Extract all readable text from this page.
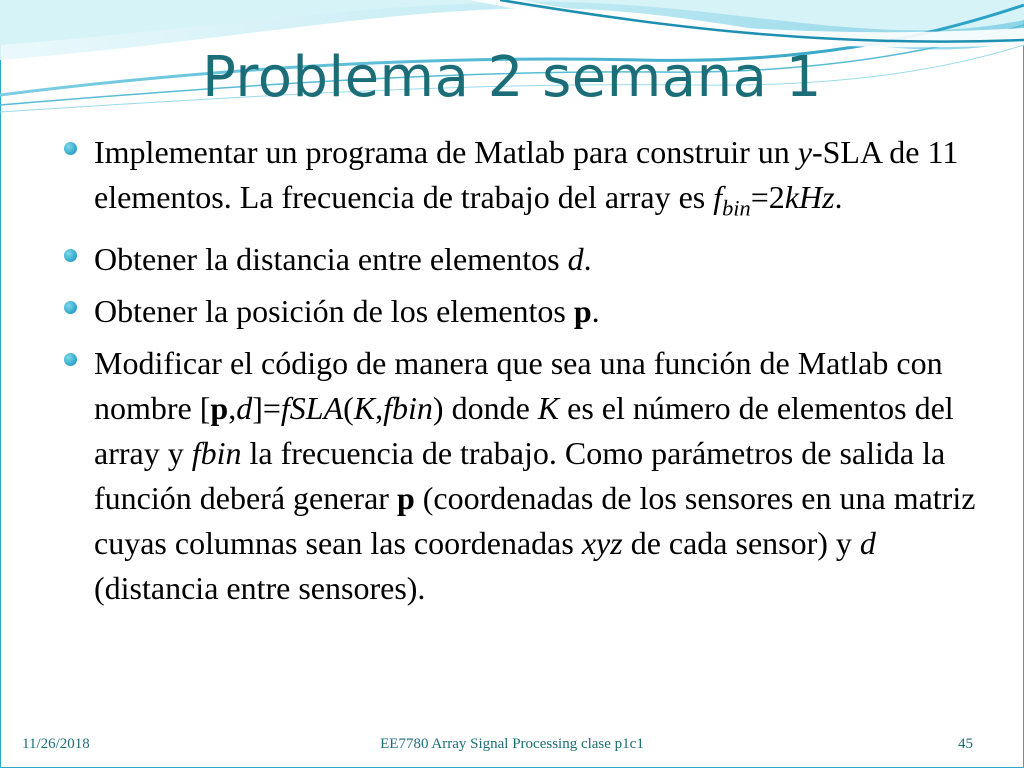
Problema 2 semana 1
Implementar un programa de Matlab para construir un y-SLA de 11 elementos. La frecuencia de trabajo del array es $f_{bin}=2kHz$.
Obtener la distancia entre elementos d.
Obtener la posición de los elementos p.
Modificar el código de manera que sea una función de Matlab con nombre [p,d]=fSLA(K,fbin) donde K es el número de elementos del array y fbin la frecuencia de trabajo. Como parámetros de salida la función deberá generar p (coordenadas de los sensores en una matriz cuyas columnas sean las coordenadas xyz de cada sensor) y d (distancia entre sensores).
11/26/2018	EE7780 Array Signal Processing clase p1c1	45
